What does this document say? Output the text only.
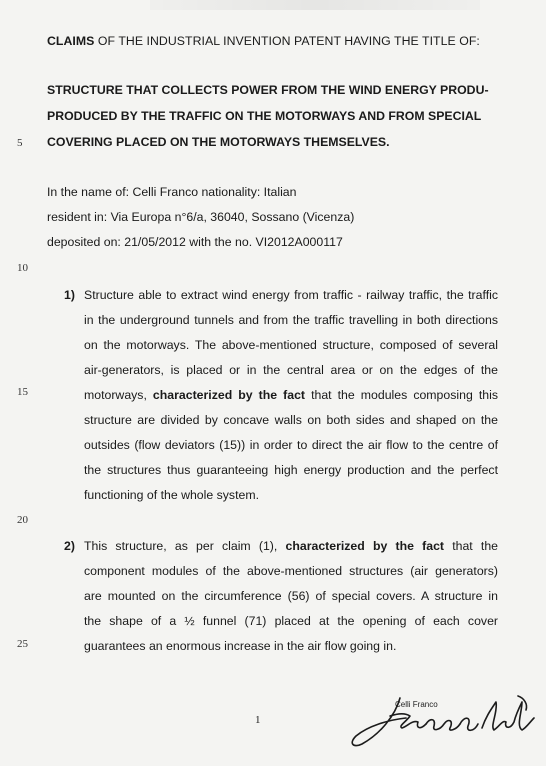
CLAIMS OF THE INDUSTRIAL INVENTION PATENT HAVING THE TITLE OF:
STRUCTURE THAT COLLECTS POWER FROM THE WIND ENERGY PRODU-
PRODUCED BY THE TRAFFIC ON THE MOTORWAYS AND FROM SPECIAL
COVERING PLACED ON THE MOTORWAYS THEMSELVES.
5
10
15
20
25
In the name of: Celli Franco nationality: Italian
resident in: Via Europa n°6/a, 36040, Sossano (Vicenza)
deposited on: 21/05/2012 with the no. VI2012A000117
1) Structure able to extract wind energy from traffic - railway traffic, the traffic
in the underground tunnels and from the traffic travelling in both directions
on the motorways. The above-mentioned structure, composed of several
air-generators, is placed or in the central area or on the edges of the
motorways, characterized by the fact that the modules composing this
structure are divided by concave walls on both sides and shaped on the
outsides (flow deviators (15)) in order to direct the air flow to the centre of
the structures thus guaranteeing high energy production and the perfect
functioning of the whole system.
2) This structure, as per claim (1), characterized by the fact that the
component modules of the above-mentioned structures (air generators)
are mounted on the circumference (56) of special covers. A structure in
the shape of a ½ funnel (71) placed at the opening of each cover
guarantees an enormous increase in the air flow going in.
1
Celli Franco
